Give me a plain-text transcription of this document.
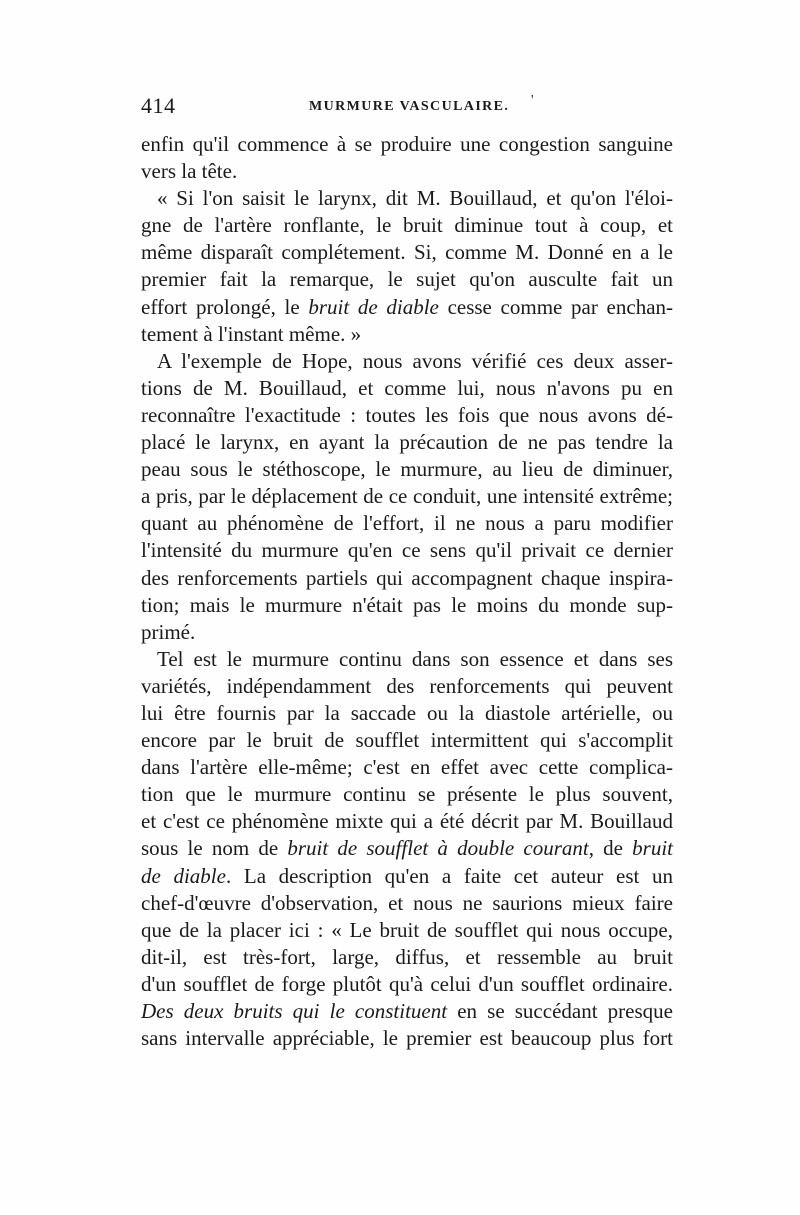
414	MURMURE VASCULAIRE. '
enfin qu'il commence à se produire une congestion sanguine
vers la tête.
« Si l'on saisit le larynx, dit M. Bouillaud, et qu'on l'éloi-
gne de l'artère ronflante, le bruit diminue tout à coup, et
même disparaît complétement. Si, comme M. Donné en a le
premier fait la remarque, le sujet qu'on ausculte fait un
effort prolongé, le bruit de diable cesse comme par enchan-
tement à l'instant même. »
A l'exemple de Hope, nous avons vérifié ces deux asser-
tions de M. Bouillaud, et comme lui, nous n'avons pu en
reconnaître l'exactitude : toutes les fois que nous avons dé-
placé le larynx, en ayant la précaution de ne pas tendre la
peau sous le stéthoscope, le murmure, au lieu de diminuer,
a pris, par le déplacement de ce conduit, une intensité extrême;
quant au phénomène de l'effort, il ne nous a paru modifier
l'intensité du murmure qu'en ce sens qu'il privait ce dernier
des renforcements partiels qui accompagnent chaque inspira-
tion; mais le murmure n'était pas le moins du monde sup-
primé.
Tel est le murmure continu dans son essence et dans ses
variétés, indépendamment des renforcements qui peuvent
lui être fournis par la saccade ou la diastole artérielle, ou
encore par le bruit de soufflet intermittent qui s'accomplit
dans l'artère elle-même; c'est en effet avec cette complica-
tion que le murmure continu se présente le plus souvent,
et c'est ce phénomène mixte qui a été décrit par M. Bouillaud
sous le nom de bruit de soufflet à double courant, de bruit
de diable. La description qu'en a faite cet auteur est un
chef-d'œuvre d'observation, et nous ne saurions mieux faire
que de la placer ici : « Le bruit de soufflet qui nous occupe,
dit-il, est très-fort, large, diffus, et ressemble au bruit
d'un soufflet de forge plutôt qu'à celui d'un soufflet ordinaire.
Des deux bruits qui le constituent en se succédant presque
sans intervalle appréciable, le premier est beaucoup plus fort
